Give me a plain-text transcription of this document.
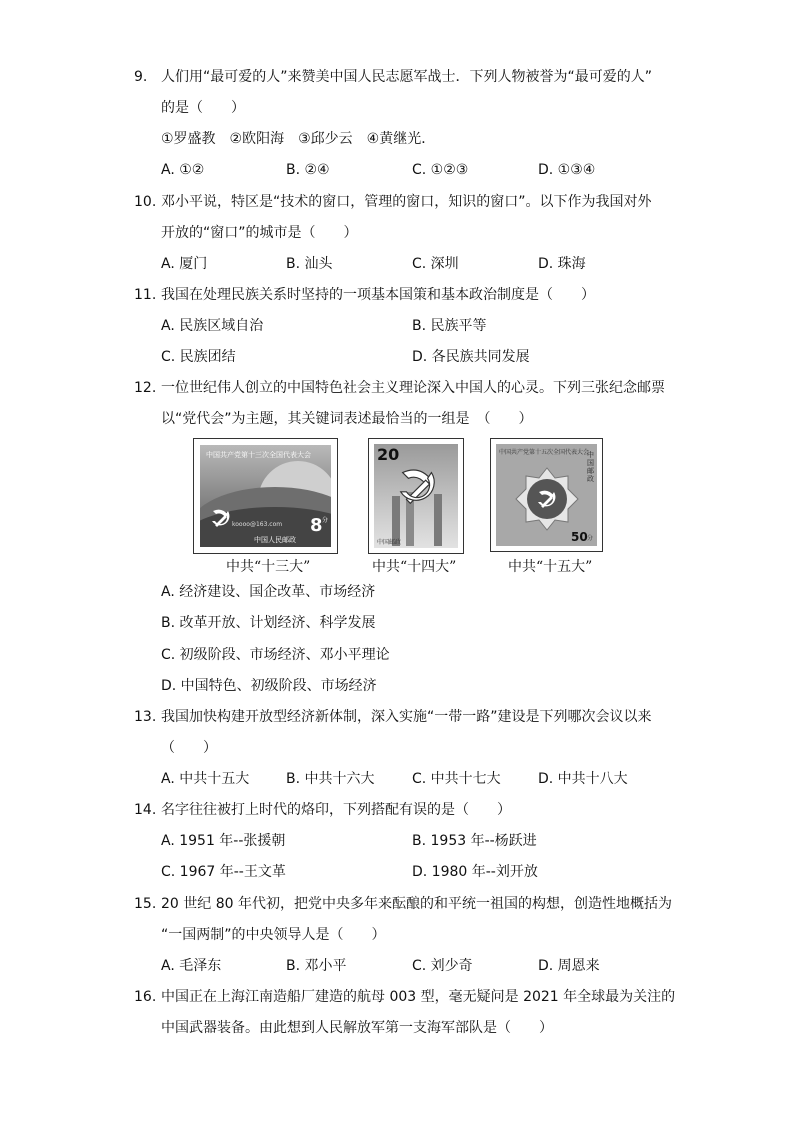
9. 人们用“最可爱的人”来赞美中国人民志愿军战士．下列人物被誉为“最可爱的人”
的是（　　）
①罗盛教　②欧阳海　③邱少云　④黄继光．
A. ①②	B. ②④	C. ①②③	D. ①③④
10. 邓小平说，特区是“技术的窗口，管理的窗口，知识的窗口”。以下作为我国对外
开放的“窗口”的城市是（　　）
A. 厦门	B. 汕头	C. 深圳	D. 珠海
11. 我国在处理民族关系时坚持的一项基本国策和基本政治制度是（　　）
A. 民族区域自治	B. 民族平等
C. 民族团结	D. 各民族共同发展
12. 一位世纪伟人创立的中国特色社会主义理论深入中国人的心灵。下列三张纪念邮票
以“党代会”为主题，其关键词表述最恰当的一组是　（　　）
中国共产党第十三次全国代表大会
koooo@163.com 8 分
中国人民邮政
20
中国邮政
中国共产党第十五次全国代表大会
中国邮政
50 分
中共“十三大”	中共“十四大”	中共“十五大”
A. 经济建设、国企改革、市场经济
B. 改革开放、计划经济、科学发展
C. 初级阶段、市场经济、邓小平理论
D. 中国特色、初级阶段、市场经济
13. 我国加快构建开放型经济新体制，深入实施“一带一路”建设是下列哪次会议以来
（　　）
A. 中共十五大	B. 中共十六大	C. 中共十七大	D. 中共十八大
14. 名字往往被打上时代的烙印，下列搭配有误的是（　　）
A. 1951 年--张援朝	B. 1953 年--杨跃进
C. 1967 年--王文革	D. 1980 年--刘开放
15. 20 世纪 80 年代初，把党中央多年来酝酿的和平统一祖国的构想，创造性地概括为
“一国两制”的中央领导人是（　　）
A. 毛泽东	B. 邓小平	C. 刘少奇	D. 周恩来
16. 中国正在上海江南造船厂建造的航母 003 型，毫无疑问是 2021 年全球最为关注的
中国武器装备。由此想到人民解放军第一支海军部队是（　　）
